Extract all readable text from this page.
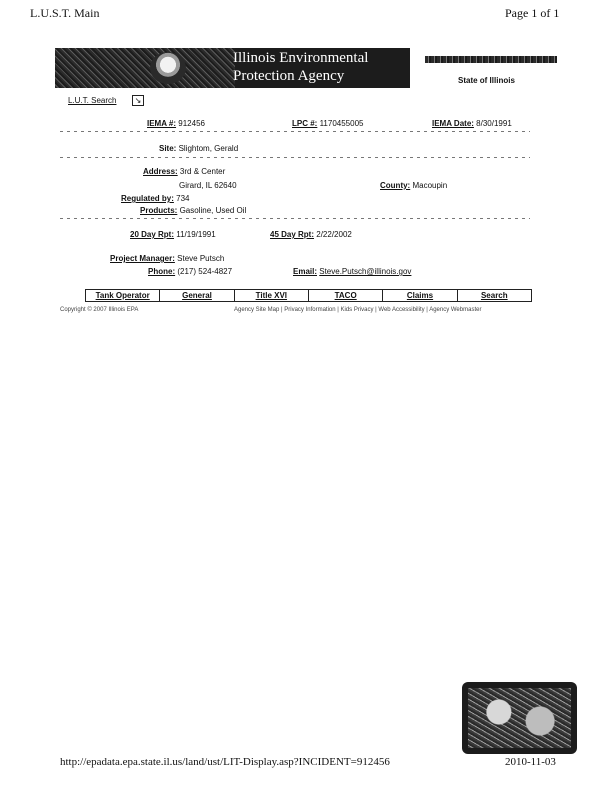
L.U.S.T. Main	Page 1 of 1
Illinois Environmental
Protection Agency	State of Illinois
L.U.T. Search	↘
IEMA #: 912456	LPC #: 1170455005	IEMA Date: 8/30/1991
Site: Slightom, Gerald
Address: 3rd & Center
Girard, IL 62640	County: Macoupin
Regulated by: 734
Products: Gasoline, Used Oil
20 Day Rpt: 11/19/1991	45 Day Rpt: 2/22/2002
Project Manager: Steve Putsch
Phone: (217) 524-4827	Email: Steve.Putsch@illinois.gov
Tank Operator	General	Title XVI	TACO	Claims	Search
Copyright © 2007 Illinois EPA	Agency Site Map | Privacy Information | Kids Privacy | Web Accessibility | Agency Webmaster
http://epadata.epa.state.il.us/land/ust/LIT-Display.asp?INCIDENT=912456	2010-11-03
